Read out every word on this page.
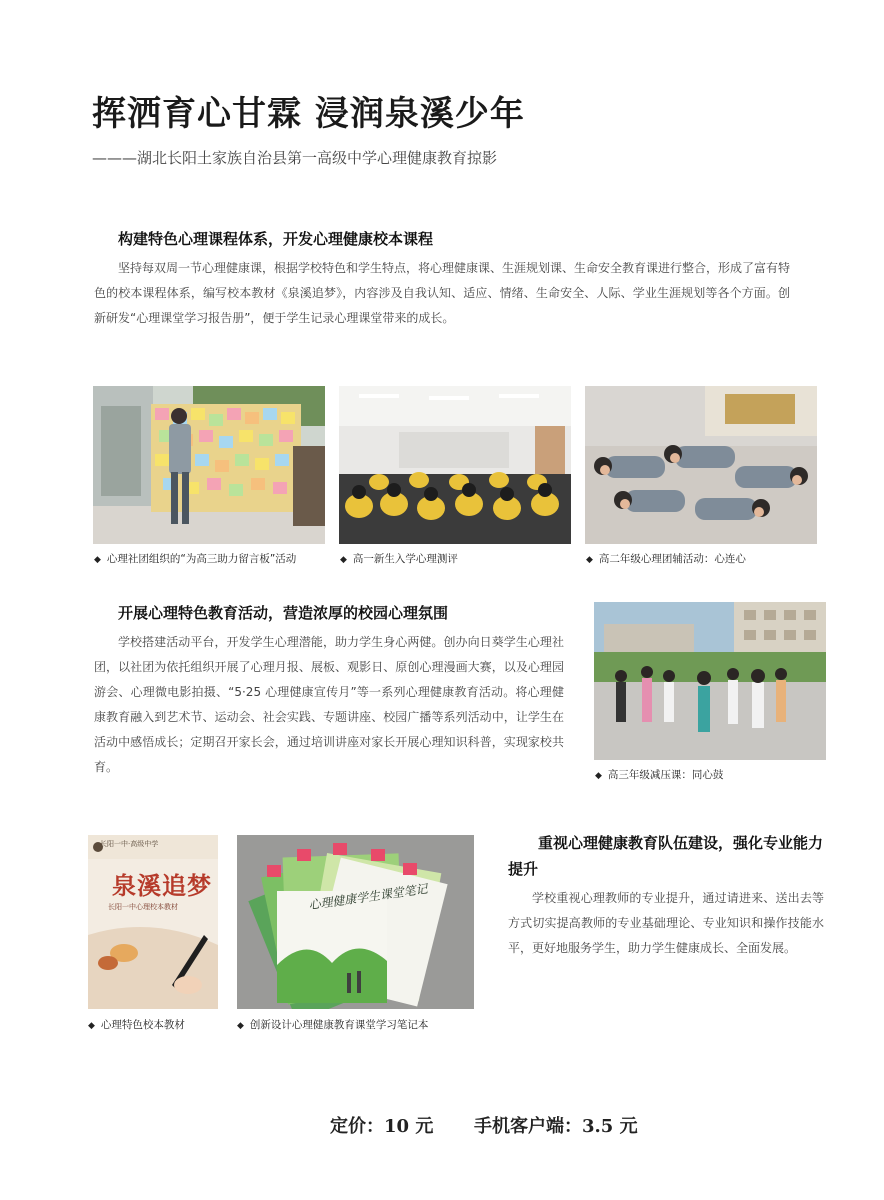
挥洒育心甘霖 浸润泉溪少年
———湖北长阳土家族自治县第一高级中学心理健康教育掠影
构建特色心理课程体系，开发心理健康校本课程
坚持每双周一节心理健康课，根据学校特色和学生特点，将心理健康课、生涯规划课、生命安全教育课进行整合，形成了富有特色的校本课程体系，编写校本教材《泉溪追梦》，内容涉及自我认知、适应、情绪、生命安全、人际、学业生涯规划等各个方面。创新研发“心理课堂学习报告册”，便于学生记录心理课堂带来的成长。
◆ 心理社团组织的“为高三助力留言板”活动	◆ 高一新生入学心理测评	◆ 高二年级心理团辅活动：心连心
开展心理特色教育活动，营造浓厚的校园心理氛围
学校搭建活动平台，开发学生心理潜能，助力学生身心两健。创办向日葵学生心理社团，以社团为依托组织开展了心理月报、展板、观影日、原创心理漫画大赛，以及心理园游会、心理微电影拍摄、“5·25 心理健康宣传月”等一系列心理健康教育活动。将心理健康教育融入到艺术节、运动会、社会实践、专题讲座、校园广播等系列活动中，让学生在活动中感悟成长；定期召开家长会，通过培训讲座对家长开展心理知识科普，实现家校共育。
◆ 高三年级减压课：同心鼓
长阳一中·高级中学
泉溪追梦
长阳一中心理校本教材	心理健康学生课堂笔记
◆ 心理特色校本教材	◆ 创新设计心理健康教育课堂学习笔记本
重视心理健康教育队伍建设，强化专业能力提升
学校重视心理教师的专业提升，通过请进来、送出去等方式切实提高教师的专业基础理论、专业知识和操作技能水平，更好地服务学生，助力学生健康成长、全面发展。
定价：10 元 手机客户端：3.5 元
